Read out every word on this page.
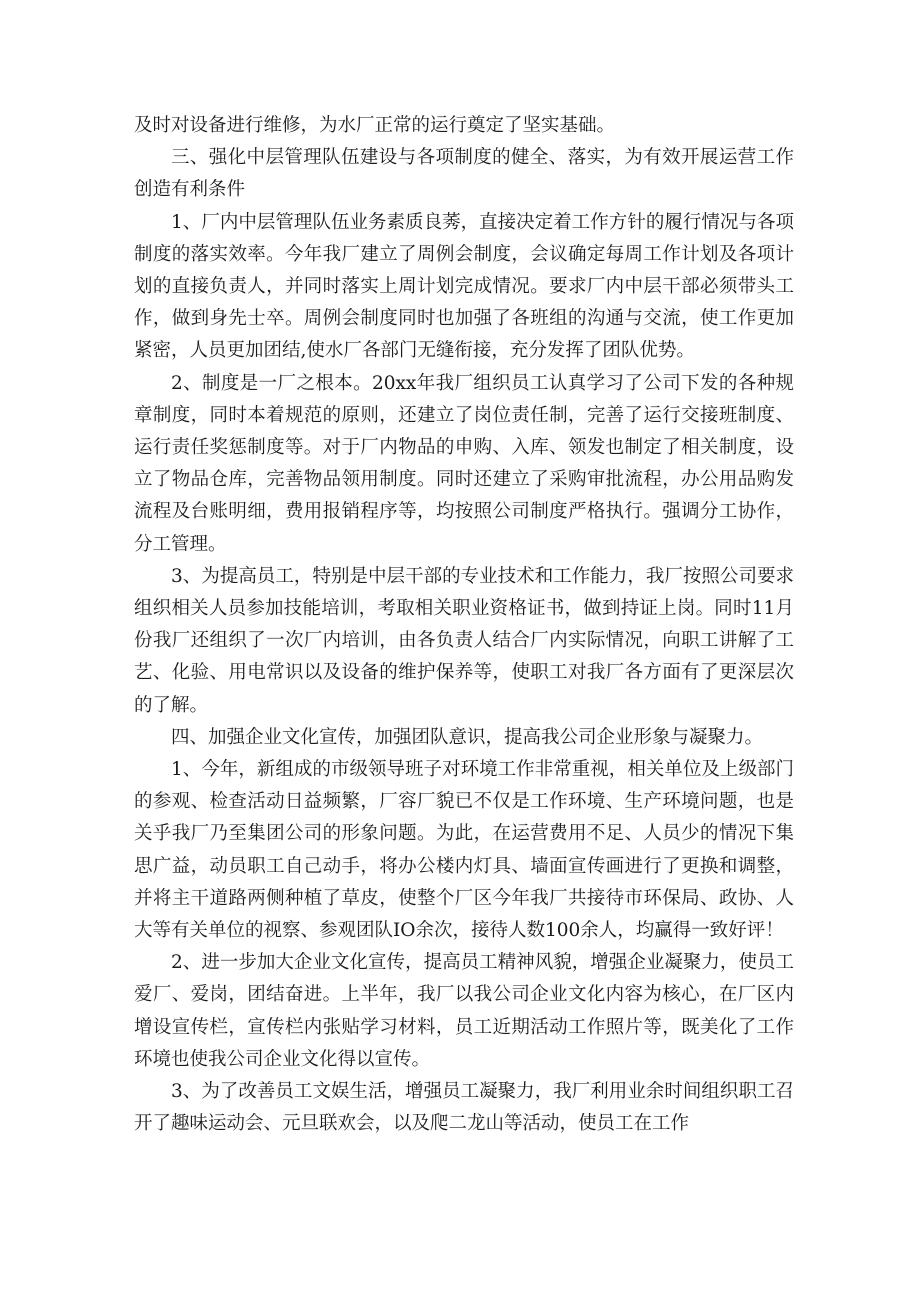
及时对设备进行维修，为水厂正常的运行奠定了坚实基础。

三、强化中层管理队伍建设与各项制度的健全、落实，为有效开展运营工作创造有利条件

1、厂内中层管理队伍业务素质良莠，直接决定着工作方针的履行情况与各项制度的落实效率。今年我厂建立了周例会制度，会议确定每周工作计划及各项计划的直接负责人，并同时落实上周计划完成情况。要求厂内中层干部必须带头工作，做到身先士卒。周例会制度同时也加强了各班组的沟通与交流，使工作更加紧密，人员更加团结,使水厂各部门无缝衔接，充分发挥了团队优势。

2、制度是一厂之根本。20xx年我厂组织员工认真学习了公司下发的各种规章制度，同时本着规范的原则，还建立了岗位责任制，完善了运行交接班制度、运行责任奖惩制度等。对于厂内物品的申购、入库、领发也制定了相关制度，设立了物品仓库，完善物品领用制度。同时还建立了采购审批流程，办公用品购发流程及台账明细，费用报销程序等，均按照公司制度严格执行。强调分工协作，分工管理。

3、为提高员工，特别是中层干部的专业技术和工作能力，我厂按照公司要求组织相关人员参加技能培训，考取相关职业资格证书，做到持证上岗。同时11月份我厂还组织了一次厂内培训，由各负责人结合厂内实际情况，向职工讲解了工艺、化验、用电常识以及设备的维护保养等，使职工对我厂各方面有了更深层次的了解。

四、加强企业文化宣传，加强团队意识，提高我公司企业形象与凝聚力。

1、今年，新组成的市级领导班子对环境工作非常重视，相关单位及上级部门的参观、检查活动日益频繁，厂容厂貌已不仅是工作环境、生产环境问题，也是关乎我厂乃至集团公司的形象问题。为此，在运营费用不足、人员少的情况下集思广益，动员职工自己动手，将办公楼内灯具、墙面宣传画进行了更换和调整，并将主干道路两侧种植了草皮，使整个厂区今年我厂共接待市环保局、政协、人大等有关单位的视察、参观团队IO余次，接待人数100余人，均赢得一致好评！

2、进一步加大企业文化宣传，提高员工精神风貌，增强企业凝聚力，使员工爱厂、爱岗，团结奋进。上半年，我厂以我公司企业文化内容为核心，在厂区内增设宣传栏，宣传栏内张贴学习材料，员工近期活动工作照片等，既美化了工作环境也使我公司企业文化得以宣传。

3、为了改善员工文娱生活，增强员工凝聚力，我厂利用业余时间组织职工召开了趣味运动会、元旦联欢会，以及爬二龙山等活动，使员工在工作
